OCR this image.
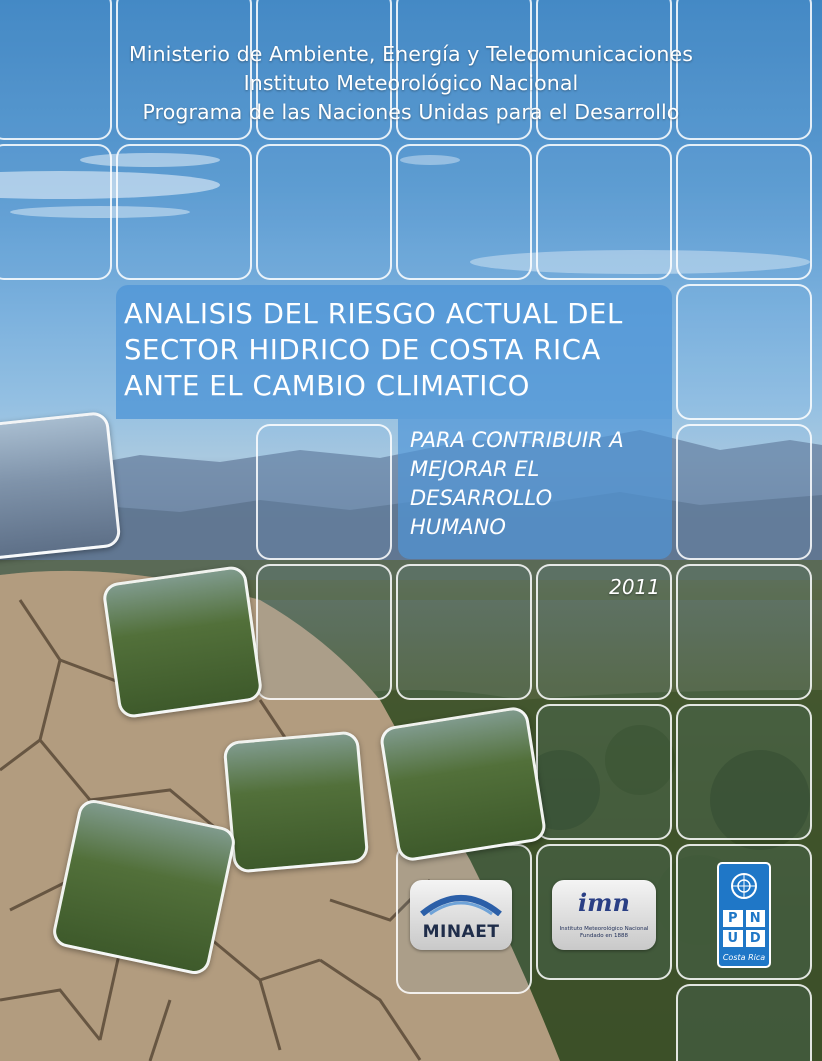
Ministerio de Ambiente, Energía y Telecomunicaciones
Instituto Meteorológico Nacional
Programa de las Naciones Unidas para el Desarrollo
ANALISIS DEL RIESGO ACTUAL DEL
SECTOR HIDRICO DE COSTA RICA
ANTE EL CAMBIO CLIMATICO
PARA CONTRIBUIR A
MEJORAR EL
DESARROLLO
HUMANO
2011
MINAET
imn
Instituto Meteorológico Nacional
Fundado en 1888
P N
U D
Costa Rica
